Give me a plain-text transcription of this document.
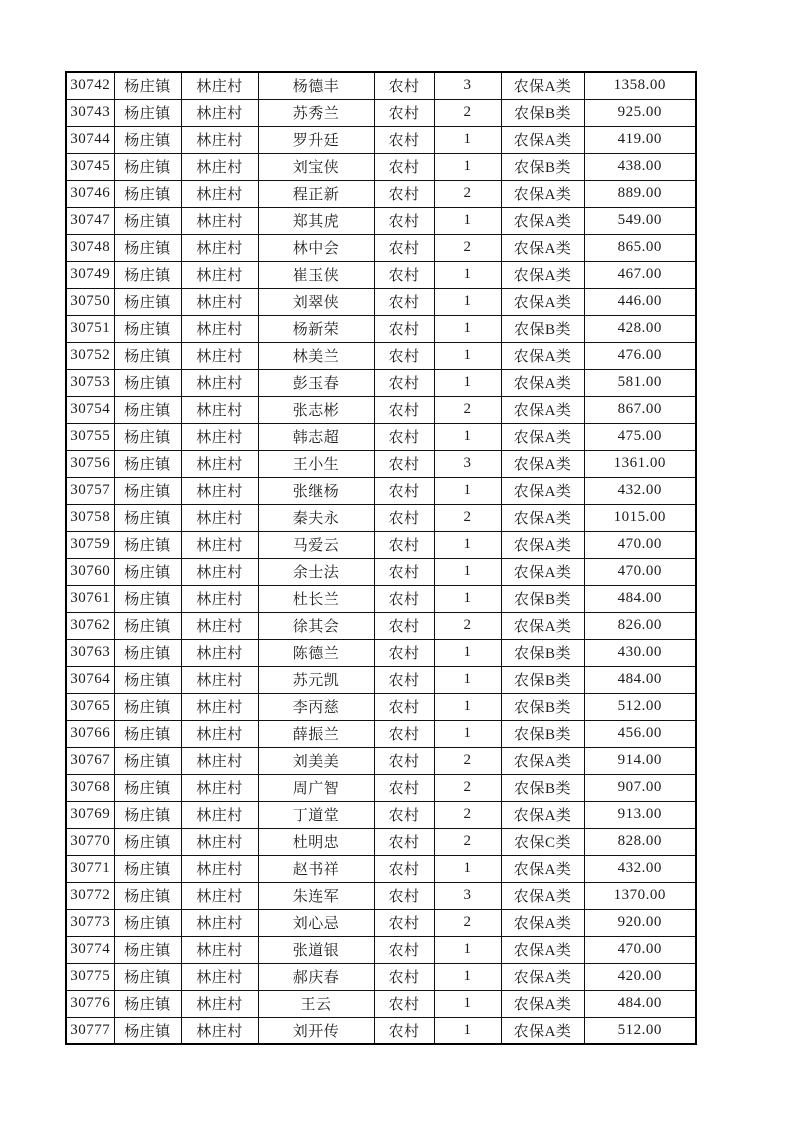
30742	杨庄镇	林庄村	杨德丰	农村	3	农保A类	1358.00
30743	杨庄镇	林庄村	苏秀兰	农村	2	农保B类	925.00
30744	杨庄镇	林庄村	罗升廷	农村	1	农保A类	419.00
30745	杨庄镇	林庄村	刘宝侠	农村	1	农保B类	438.00
30746	杨庄镇	林庄村	程正新	农村	2	农保A类	889.00
30747	杨庄镇	林庄村	郑其虎	农村	1	农保A类	549.00
30748	杨庄镇	林庄村	林中会	农村	2	农保A类	865.00
30749	杨庄镇	林庄村	崔玉侠	农村	1	农保A类	467.00
30750	杨庄镇	林庄村	刘翠侠	农村	1	农保A类	446.00
30751	杨庄镇	林庄村	杨新荣	农村	1	农保B类	428.00
30752	杨庄镇	林庄村	林美兰	农村	1	农保A类	476.00
30753	杨庄镇	林庄村	彭玉春	农村	1	农保A类	581.00
30754	杨庄镇	林庄村	张志彬	农村	2	农保A类	867.00
30755	杨庄镇	林庄村	韩志超	农村	1	农保A类	475.00
30756	杨庄镇	林庄村	王小生	农村	3	农保A类	1361.00
30757	杨庄镇	林庄村	张继杨	农村	1	农保A类	432.00
30758	杨庄镇	林庄村	秦夫永	农村	2	农保A类	1015.00
30759	杨庄镇	林庄村	马爱云	农村	1	农保A类	470.00
30760	杨庄镇	林庄村	余士法	农村	1	农保A类	470.00
30761	杨庄镇	林庄村	杜长兰	农村	1	农保B类	484.00
30762	杨庄镇	林庄村	徐其会	农村	2	农保A类	826.00
30763	杨庄镇	林庄村	陈德兰	农村	1	农保B类	430.00
30764	杨庄镇	林庄村	苏元凯	农村	1	农保B类	484.00
30765	杨庄镇	林庄村	李丙慈	农村	1	农保B类	512.00
30766	杨庄镇	林庄村	薛振兰	农村	1	农保B类	456.00
30767	杨庄镇	林庄村	刘美美	农村	2	农保A类	914.00
30768	杨庄镇	林庄村	周广智	农村	2	农保B类	907.00
30769	杨庄镇	林庄村	丁道堂	农村	2	农保A类	913.00
30770	杨庄镇	林庄村	杜明忠	农村	2	农保C类	828.00
30771	杨庄镇	林庄村	赵书祥	农村	1	农保A类	432.00
30772	杨庄镇	林庄村	朱连军	农村	3	农保A类	1370.00
30773	杨庄镇	林庄村	刘心忌	农村	2	农保A类	920.00
30774	杨庄镇	林庄村	张道银	农村	1	农保A类	470.00
30775	杨庄镇	林庄村	郝庆春	农村	1	农保A类	420.00
30776	杨庄镇	林庄村	王云	农村	1	农保A类	484.00
30777	杨庄镇	林庄村	刘开传	农村	1	农保A类	512.00
